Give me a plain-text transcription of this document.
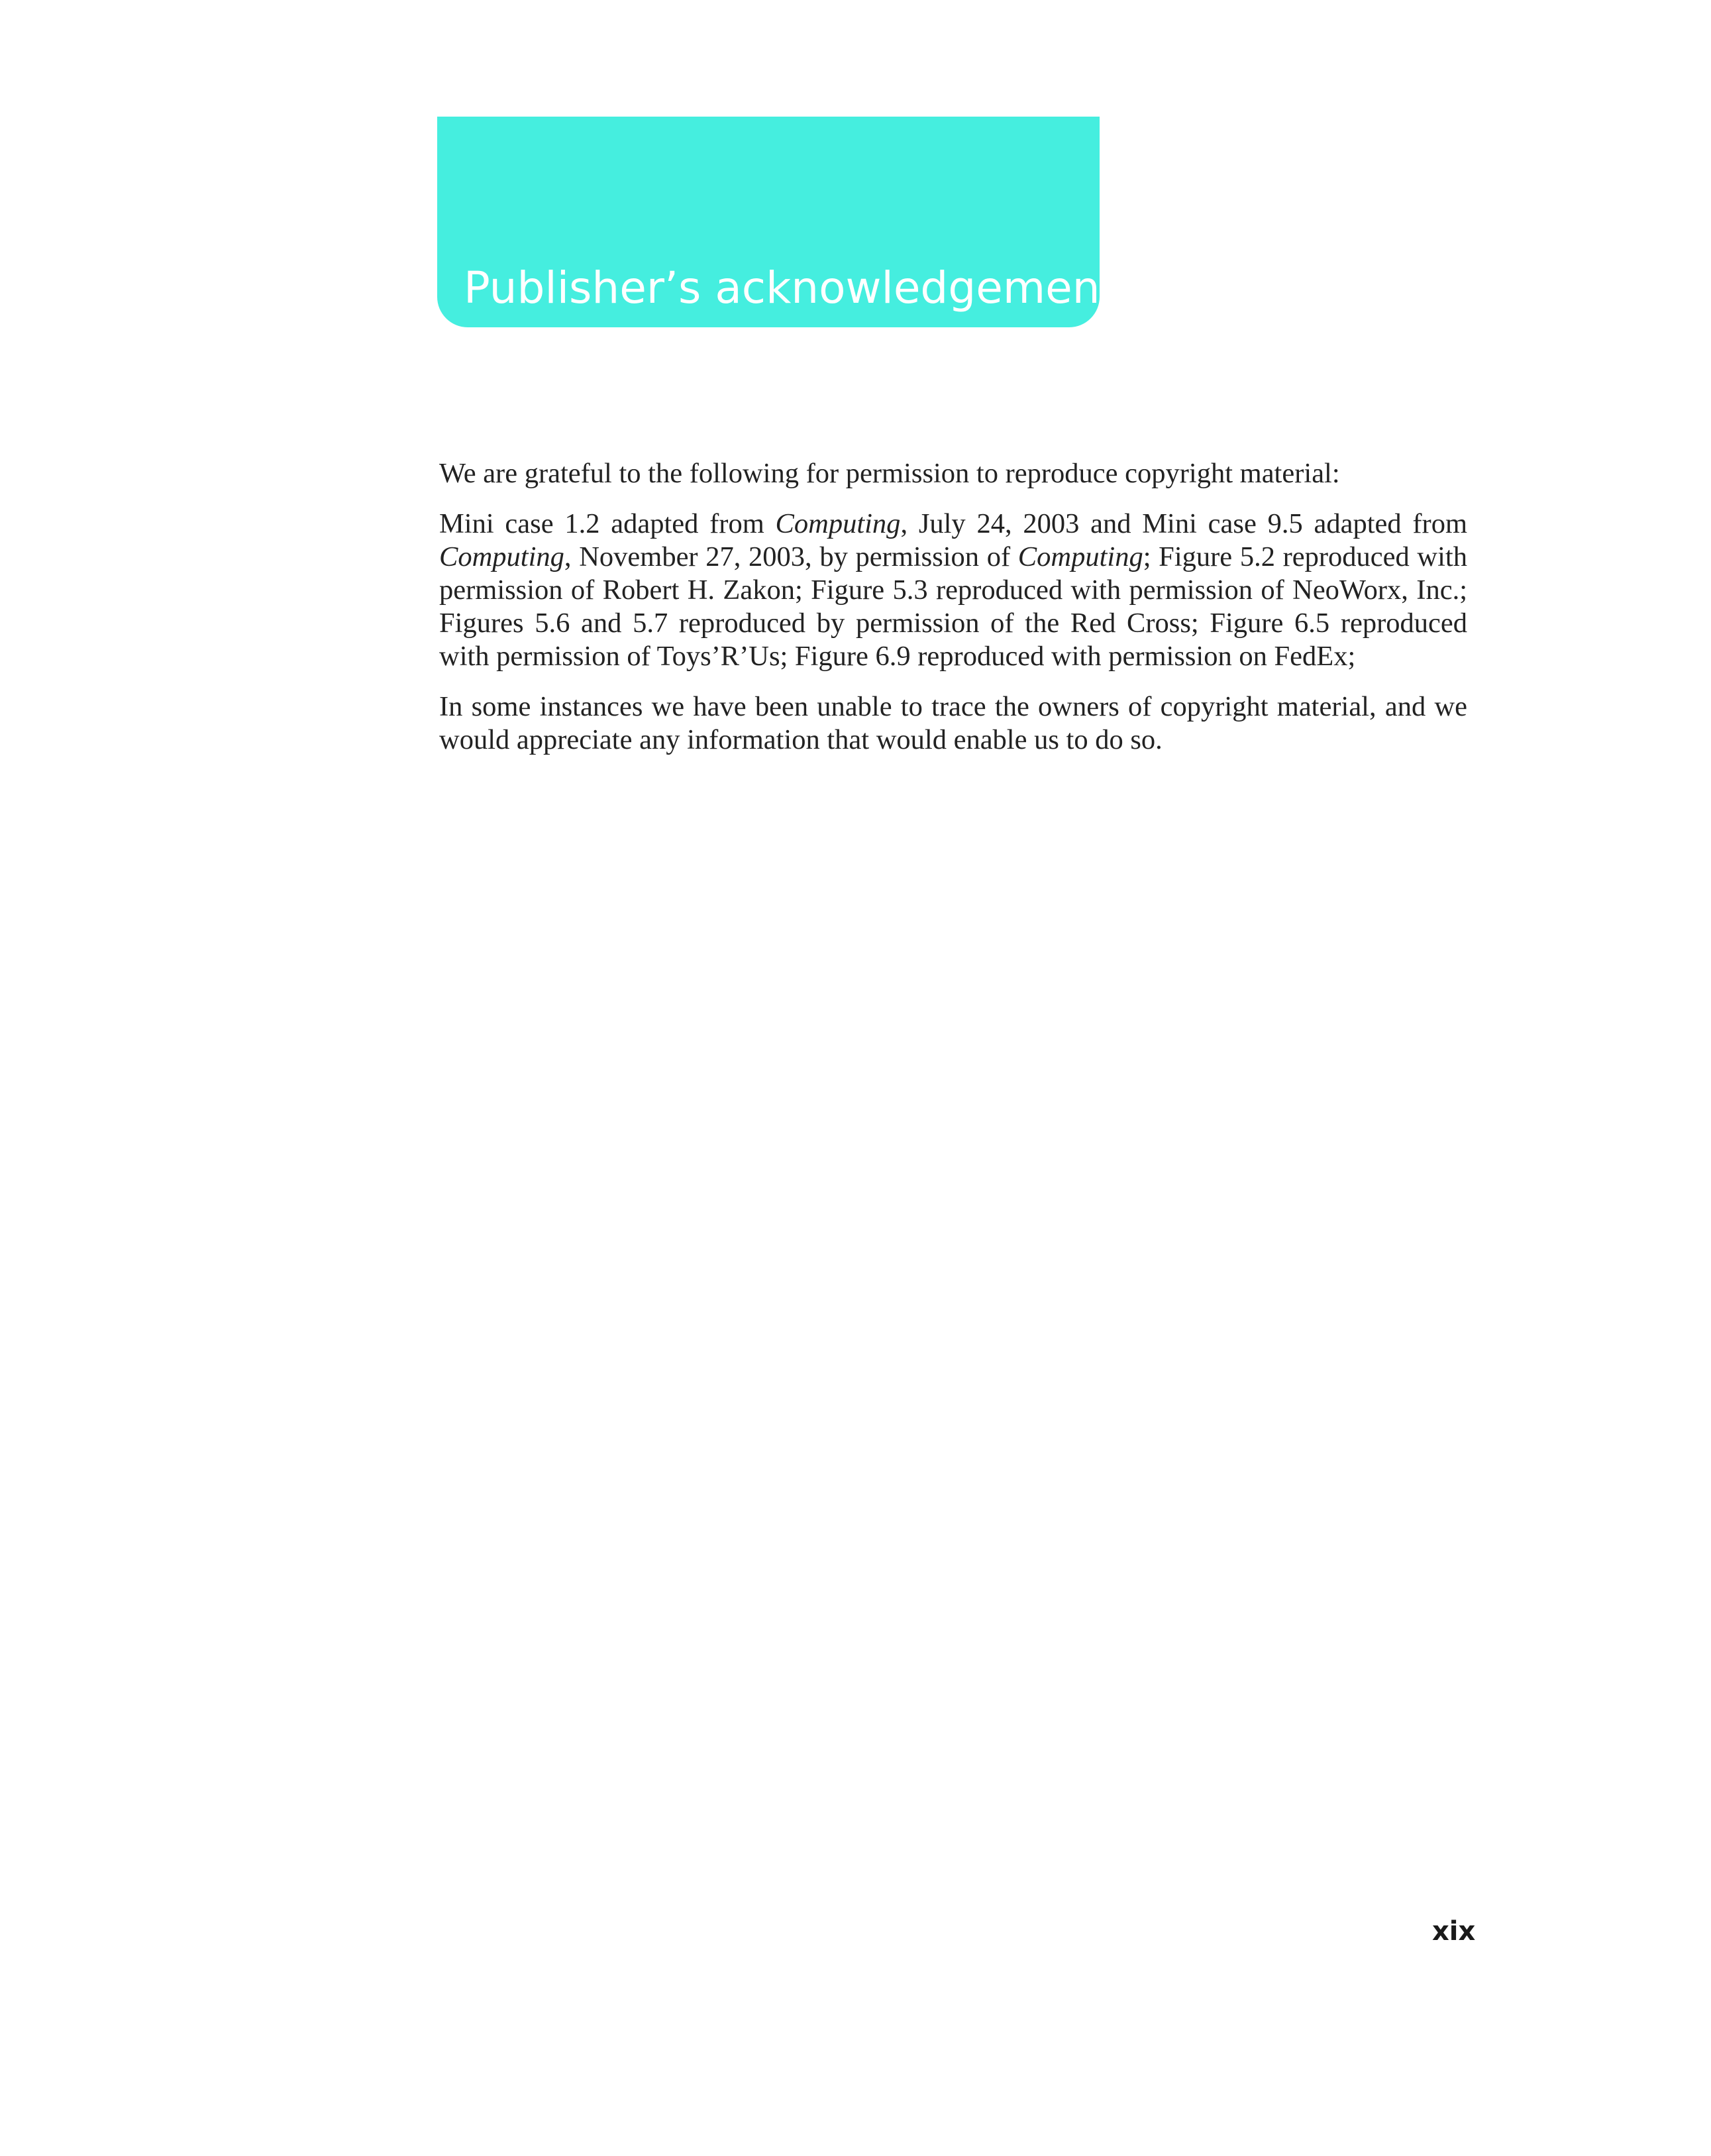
Publisher’s acknowledgements

We are grateful to the following for permission to reproduce copyright material:

Mini case 1.2 adapted from Computing, July 24, 2003 and Mini case 9.5 adapted from Computing, November 27, 2003, by permission of Computing; Figure 5.2 reproduced with permission of Robert H. Zakon; Figure 5.3 reproduced with permission of NeoWorx, Inc.; Figures 5.6 and 5.7 reproduced by permission of the Red Cross; Figure 6.5 reproduced with permission of Toys’R’Us; Figure 6.9 reproduced with permission on FedEx;

In some instances we have been unable to trace the owners of copyright material, and we would appreciate any information that would enable us to do so.

xix
